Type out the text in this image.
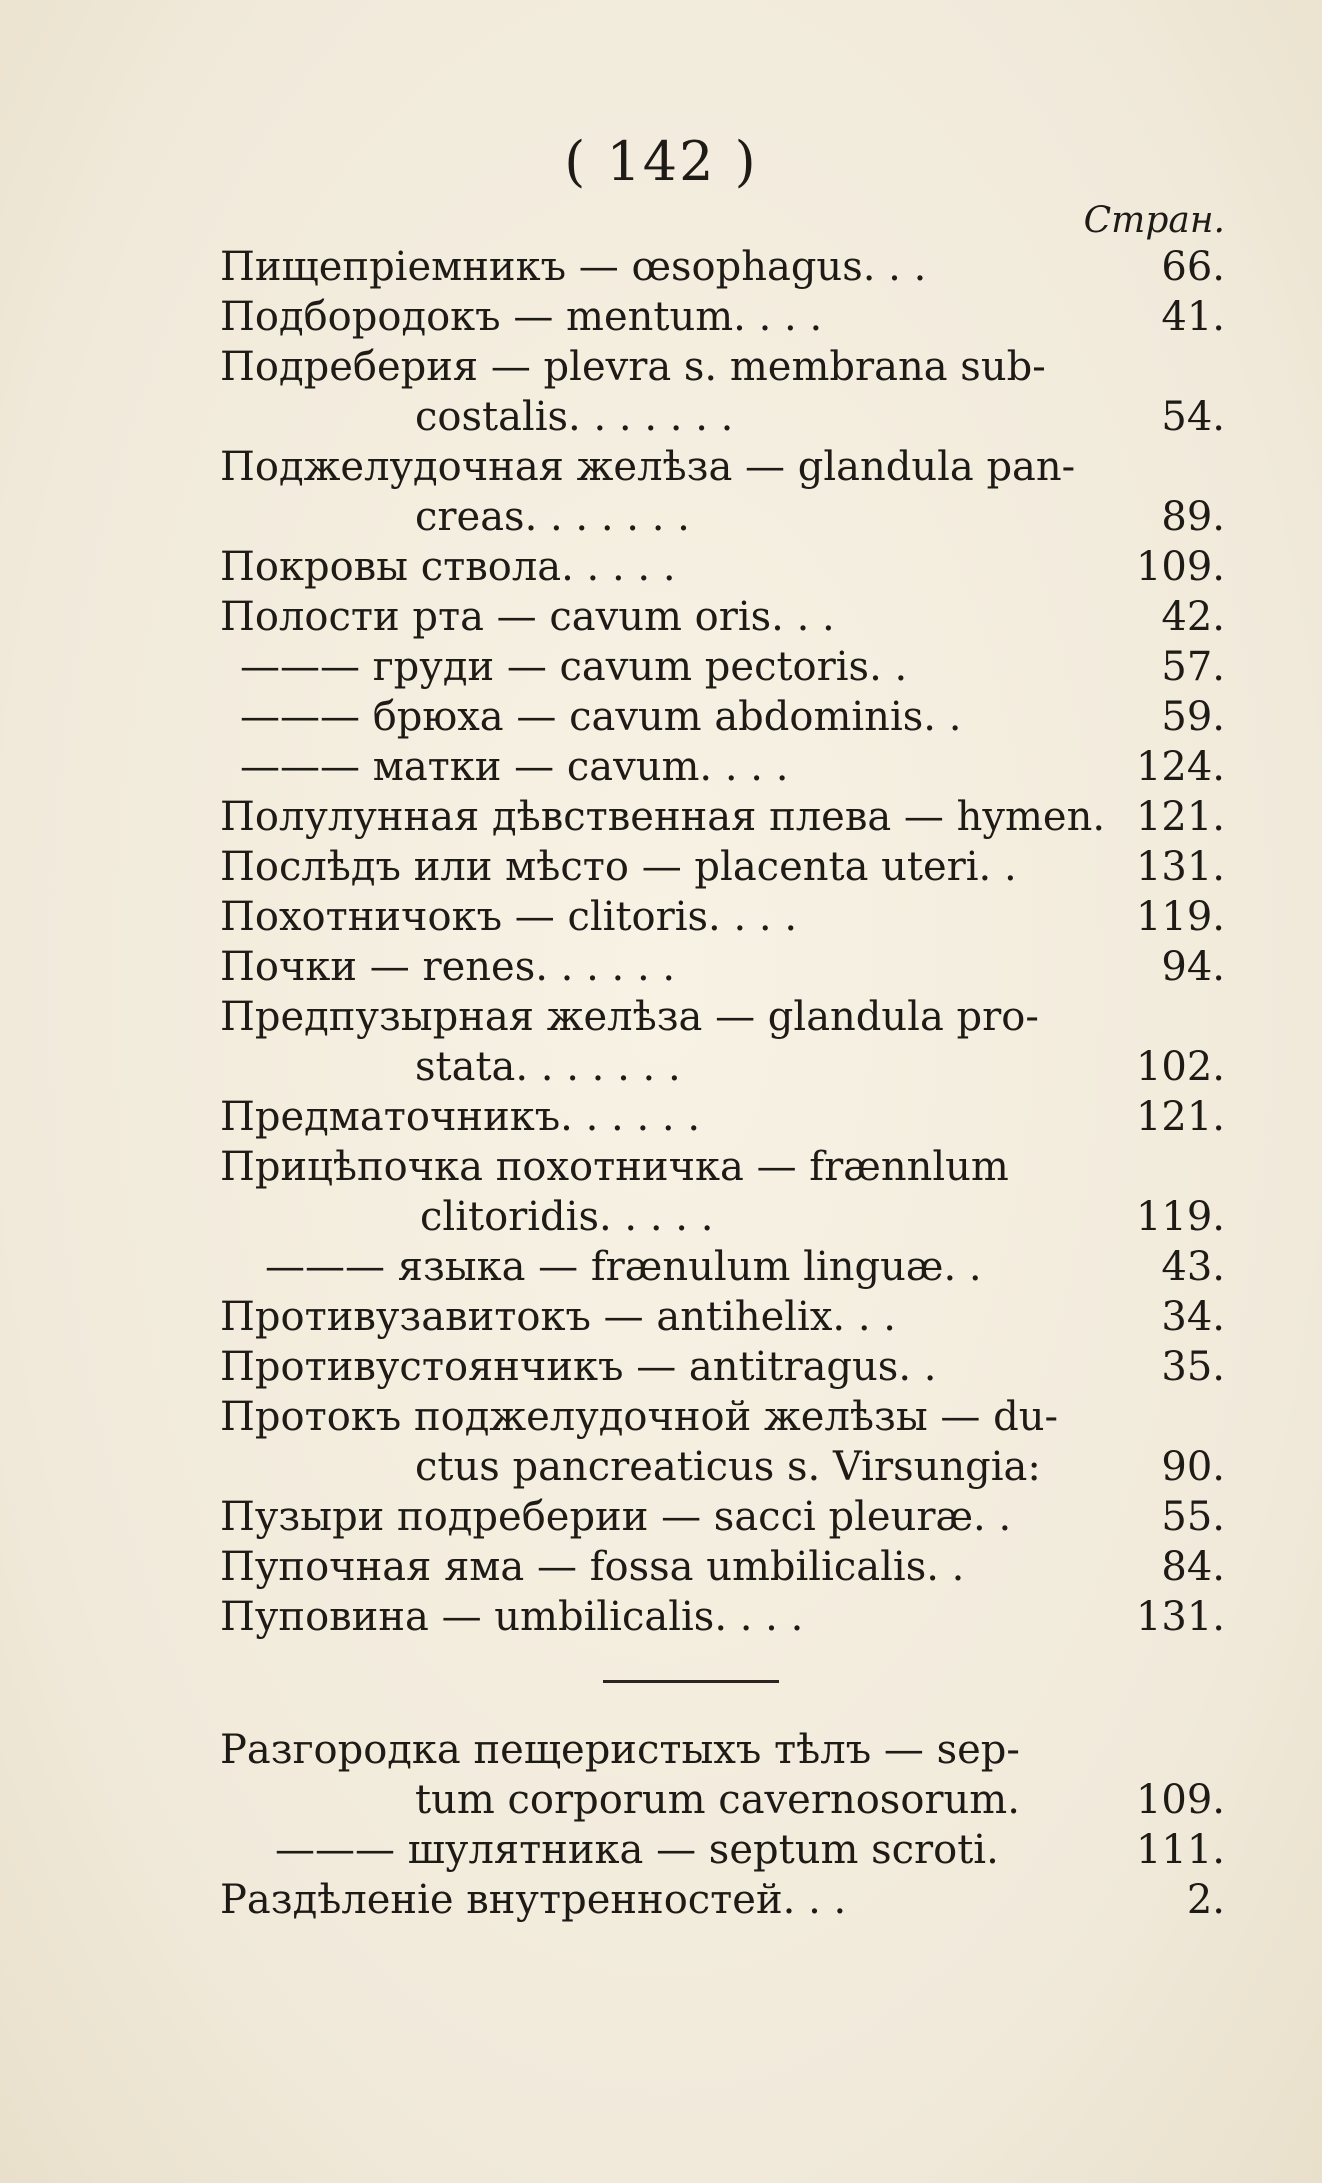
( 142 )
Стран.
Пищепріемникъ — œsophagus. . .	66.
Подбородокъ — mentum. . . .	41.
Подреберия — plevra s. membrana sub-
costalis. . . . . . .	54.
Поджелудочная желѣза — glandula pan-
creas. . . . . . .	89.
Покровы ствола. . . . .	109.
Полости рта — cavum oris. . .	42.
——— груди — cavum pectoris. .	57.
——— брюха — cavum abdominis. .	59.
——— матки — cavum. . . .	124.
Полулунная дѣвственная плева — hymen. 121.
Послѣдъ или мѣсто — placenta uteri. .	131.
Похотничокъ — clitoris. . . .	119.
Почки — renes. . . . . .	94.
Предпузырная желѣза — glandula pro-
stata. . . . . . .	102.
Предматочникъ. . . . . .	121.
Прицѣпочка похотничка — frænnlum
clitoridis. . . . .	119.
——— языка — frænulum linguæ. .	43.
Противузавитокъ — antihelix. . .	34.
Противустоянчикъ — antitragus. .	35.
Протокъ поджелудочной желѣзы — du-
ctus pancreaticus s. Virsungia:	90.
Пузыри подреберии — sacci pleuræ. .	55.
Пупочная яма — fossa umbilicalis. .	84.
Пуповина — umbilicalis. . . .	131.
Разгородка пещеристыхъ тѣлъ — sep-
tum corporum cavernosorum.	109.
——— шулятника — septum scroti.	111.
Раздѣленіе внутренностей. . .	2.
